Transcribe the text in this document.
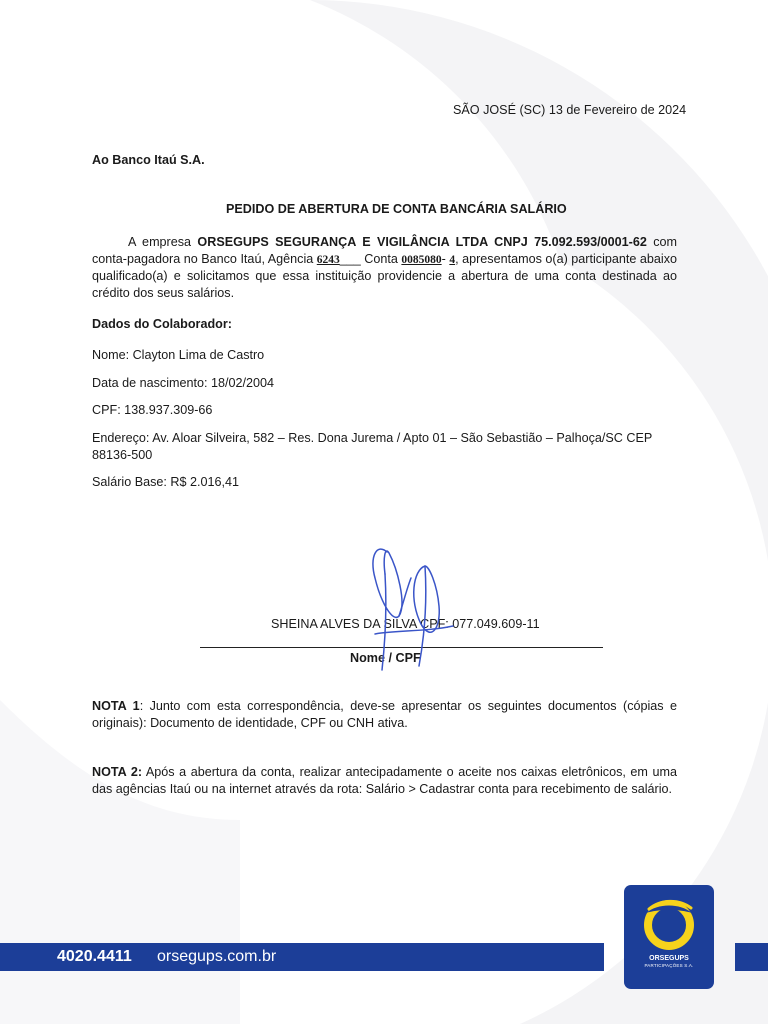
SÃO JOSÉ (SC) 13 de Fevereiro de 2024
Ao Banco Itaú S.A.
PEDIDO DE ABERTURA DE CONTA BANCÁRIA SALÁRIO
A empresa ORSEGUPS SEGURANÇA E VIGILÂNCIA LTDA CNPJ 75.092.593/0001-62 com conta-pagadora no Banco Itaú, Agência 6243___ Conta 0085080- 4, apresentamos o(a) participante abaixo qualificado(a) e solicitamos que essa instituição providencie a abertura de uma conta destinada ao crédito dos seus salários.
Dados do Colaborador:
Nome: Clayton Lima de Castro
Data de nascimento: 18/02/2004
CPF: 138.937.309-66
Endereço: Av. Aloar Silveira, 582 – Res. Dona Jurema / Apto 01 – São Sebastião – Palhoça/SC CEP 88136-500
Salário Base: R$ 2.016,41
SHEINA ALVES DA SILVA CPF: 077.049.609-11
Nome / CPF
NOTA 1: Junto com esta correspondência, deve-se apresentar os seguintes documentos (cópias e originais): Documento de identidade, CPF ou CNH ativa.
NOTA 2: Após a abertura da conta, realizar antecipadamente o aceite nos caixas eletrônicos, em uma das agências Itaú ou na internet através da rota: Salário > Cadastrar conta para recebimento de salário.
4020.4411 orsegups.com.br	ORSEGUPS
PARTICIPAÇÕES S.A.
